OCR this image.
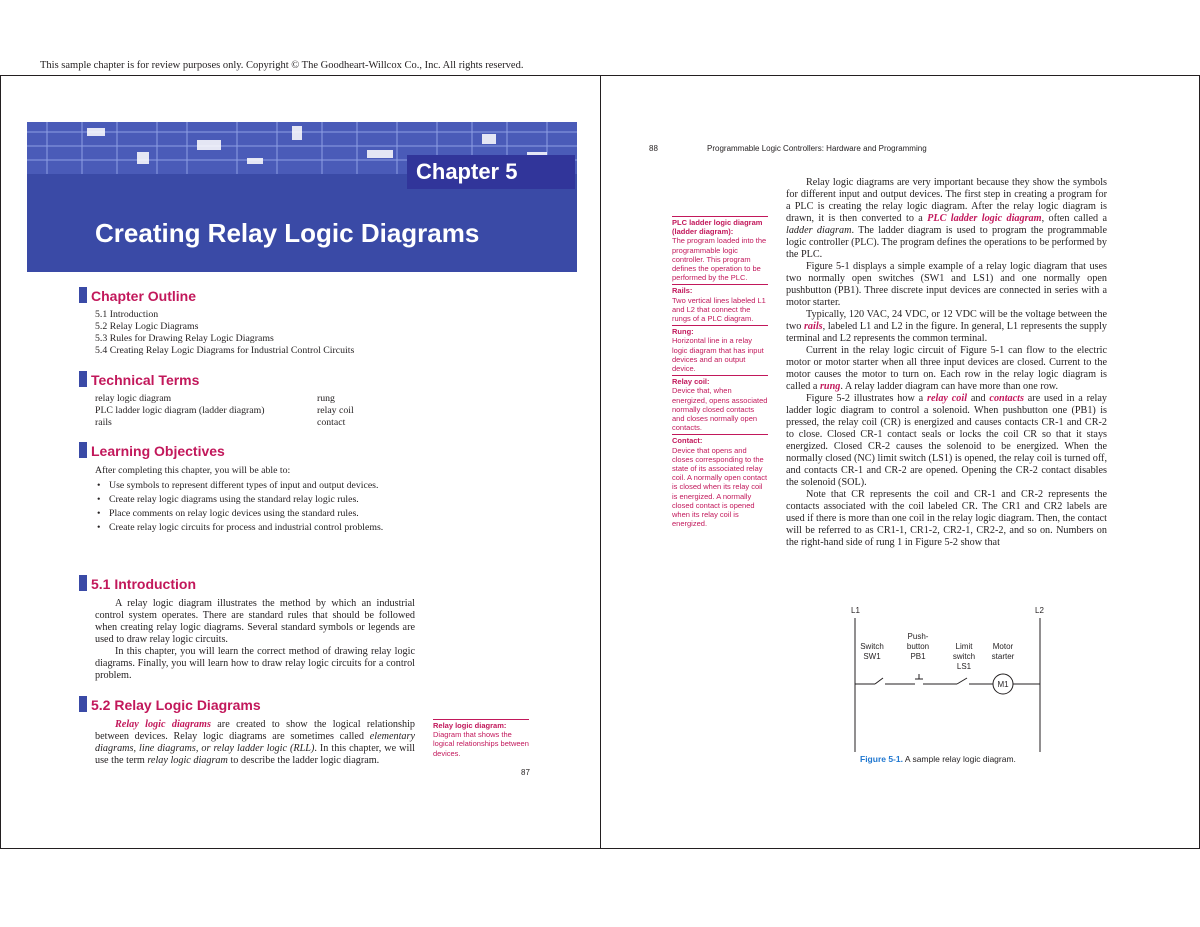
This sample chapter is for review purposes only. Copyright © The Goodheart-Willcox Co., Inc. All rights reserved.
Chapter 5
Creating Relay Logic Diagrams
Chapter Outline
5.1 Introduction
5.2 Relay Logic Diagrams
5.3 Rules for Drawing Relay Logic Diagrams
5.4 Creating Relay Logic Diagrams for Industrial Control Circuits
Technical Terms
relay logic diagram
PLC ladder logic diagram (ladder diagram)
rails
rung
relay coil
contact
Learning Objectives
After completing this chapter, you will be able to:
• Use symbols to represent different types of input and output devices.
• Create relay logic diagrams using the standard relay logic rules.
• Place comments on relay logic devices using the standard rules.
• Create relay logic circuits for process and industrial control problems.
5.1 Introduction
A relay logic diagram illustrates the method by which an industrial control system operates. There are standard rules that should be followed when creating relay logic diagrams. Several standard symbols or legends are used to draw relay logic circuits.
In this chapter, you will learn the correct method of drawing relay logic diagrams. Finally, you will learn how to draw relay logic circuits for a control problem.
5.2 Relay Logic Diagrams
Relay logic diagrams are created to show the logical relationship between devices. Relay logic diagrams are sometimes called elementary diagrams, line diagrams, or relay ladder logic (RLL). In this chapter, we will use the term relay logic diagram to describe the ladder logic diagram.
Relay logic diagram:
Diagram that shows the logical relationships between devices.
87
88	Programmable Logic Controllers: Hardware and Programming
PLC ladder logic diagram (ladder diagram):
The program loaded into the programmable logic controller. This program defines the operation to be performed by the PLC.
Rails:
Two vertical lines labeled L1 and L2 that connect the rungs of a PLC diagram.
Rung:
Horizontal line in a relay logic diagram that has input devices and an output device.
Relay coil:
Device that, when energized, opens associated normally closed contacts and closes normally open contacts.
Contact:
Device that opens and closes corresponding to the state of its associated relay coil. A normally open contact is closed when its relay coil is energized. A normally closed contact is opened when its relay coil is energized.
Relay logic diagrams are very important because they show the symbols for different input and output devices. The first step in creating a program for a PLC is creating the relay logic diagram. After the relay logic diagram is drawn, it is then converted to a PLC ladder logic diagram, often called a ladder diagram. The ladder diagram is used to program the programmable logic controller (PLC). The program defines the operations to be performed by the PLC.
Figure 5-1 displays a simple example of a relay logic diagram that uses two normally open switches (SW1 and LS1) and one normally open pushbutton (PB1). Three discrete input devices are connected in series with a motor starter.
Typically, 120 VAC, 24 VDC, or 12 VDC will be the voltage between the two rails, labeled L1 and L2 in the figure. In general, L1 represents the supply terminal and L2 represents the common terminal.
Current in the relay logic circuit of Figure 5-1 can flow to the electric motor or motor starter when all three input devices are closed. Current to the motor causes the motor to turn on. Each row in the relay logic diagram is called a rung. A relay ladder diagram can have more than one row.
Figure 5-2 illustrates how a relay coil and contacts are used in a relay ladder logic diagram to control a solenoid. When pushbutton one (PB1) is pressed, the relay coil (CR) is energized and causes contacts CR-1 and CR-2 to close. Closed CR-1 contact seals or locks the coil CR so that it stays energized. Closed CR-2 causes the solenoid to be energized. When the normally closed (NC) limit switch (LS1) is opened, the relay coil is turned off, and contacts CR-1 and CR-2 are opened. Opening the CR-2 contact disables the solenoid (SOL).
Note that CR represents the coil and CR-1 and CR-2 represents the contacts associated with the coil labeled CR. The CR1 and CR2 labels are used if there is more than one coil in the relay logic diagram. Then, the contact will be referred to as CR1-1, CR1-2, CR2-1, CR2-2, and so on. Numbers on the right-hand side of rung 1 in Figure 5-2 show that
L1	L2
Switch
SW1
Push-
button
PB1
Limit
switch
LS1
Motor
starter
M1
Figure 5-1. A sample relay logic diagram.
